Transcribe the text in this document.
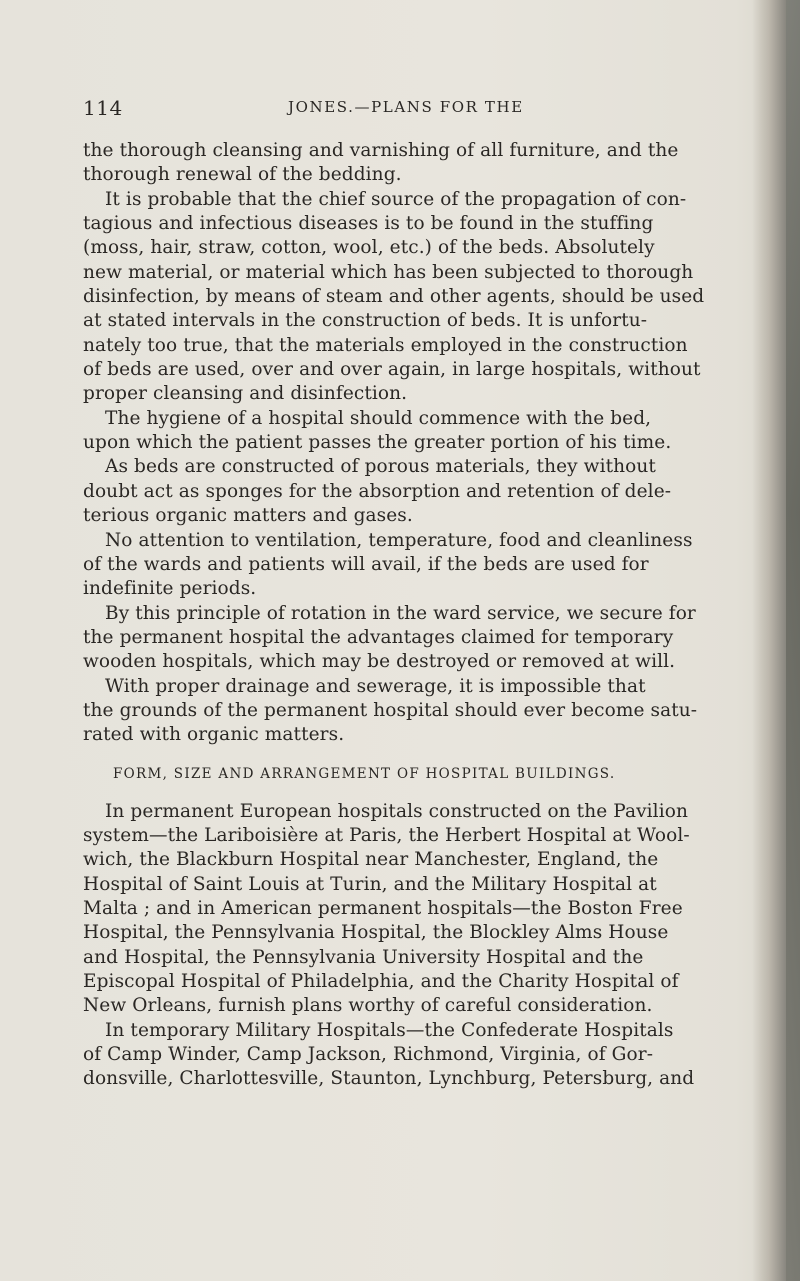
114	JONES.—PLANS FOR THE
the thorough cleansing and varnishing of all furniture, and the
thorough renewal of the bedding.
It is probable that the chief source of the propagation of con-
tagious and infectious diseases is to be found in the stuffing
(moss, hair, straw, cotton, wool, etc.) of the beds. Absolutely
new material, or material which has been subjected to thorough
disinfection, by means of steam and other agents, should be used
at stated intervals in the construction of beds. It is unfortu-
nately too true, that the materials employed in the construction
of beds are used, over and over again, in large hospitals, without
proper cleansing and disinfection.
The hygiene of a hospital should commence with the bed,
upon which the patient passes the greater portion of his time.
As beds are constructed of porous materials, they without
doubt act as sponges for the absorption and retention of dele-
terious organic matters and gases.
No attention to ventilation, temperature, food and cleanliness
of the wards and patients will avail, if the beds are used for
indefinite periods.
By this principle of rotation in the ward service, we secure for
the permanent hospital the advantages claimed for temporary
wooden hospitals, which may be destroyed or removed at will.
With proper drainage and sewerage, it is impossible that
the grounds of the permanent hospital should ever become satu-
rated with organic matters.
FORM, SIZE AND ARRANGEMENT OF HOSPITAL BUILDINGS.
In permanent European hospitals constructed on the Pavilion
system—the Lariboisière at Paris, the Herbert Hospital at Wool-
wich, the Blackburn Hospital near Manchester, England, the
Hospital of Saint Louis at Turin, and the Military Hospital at
Malta ; and in American permanent hospitals—the Boston Free
Hospital, the Pennsylvania Hospital, the Blockley Alms House
and Hospital, the Pennsylvania University Hospital and the
Episcopal Hospital of Philadelphia, and the Charity Hospital of
New Orleans, furnish plans worthy of careful consideration.
In temporary Military Hospitals—the Confederate Hospitals
of Camp Winder, Camp Jackson, Richmond, Virginia, of Gor-
donsville, Charlottesville, Staunton, Lynchburg, Petersburg, and
